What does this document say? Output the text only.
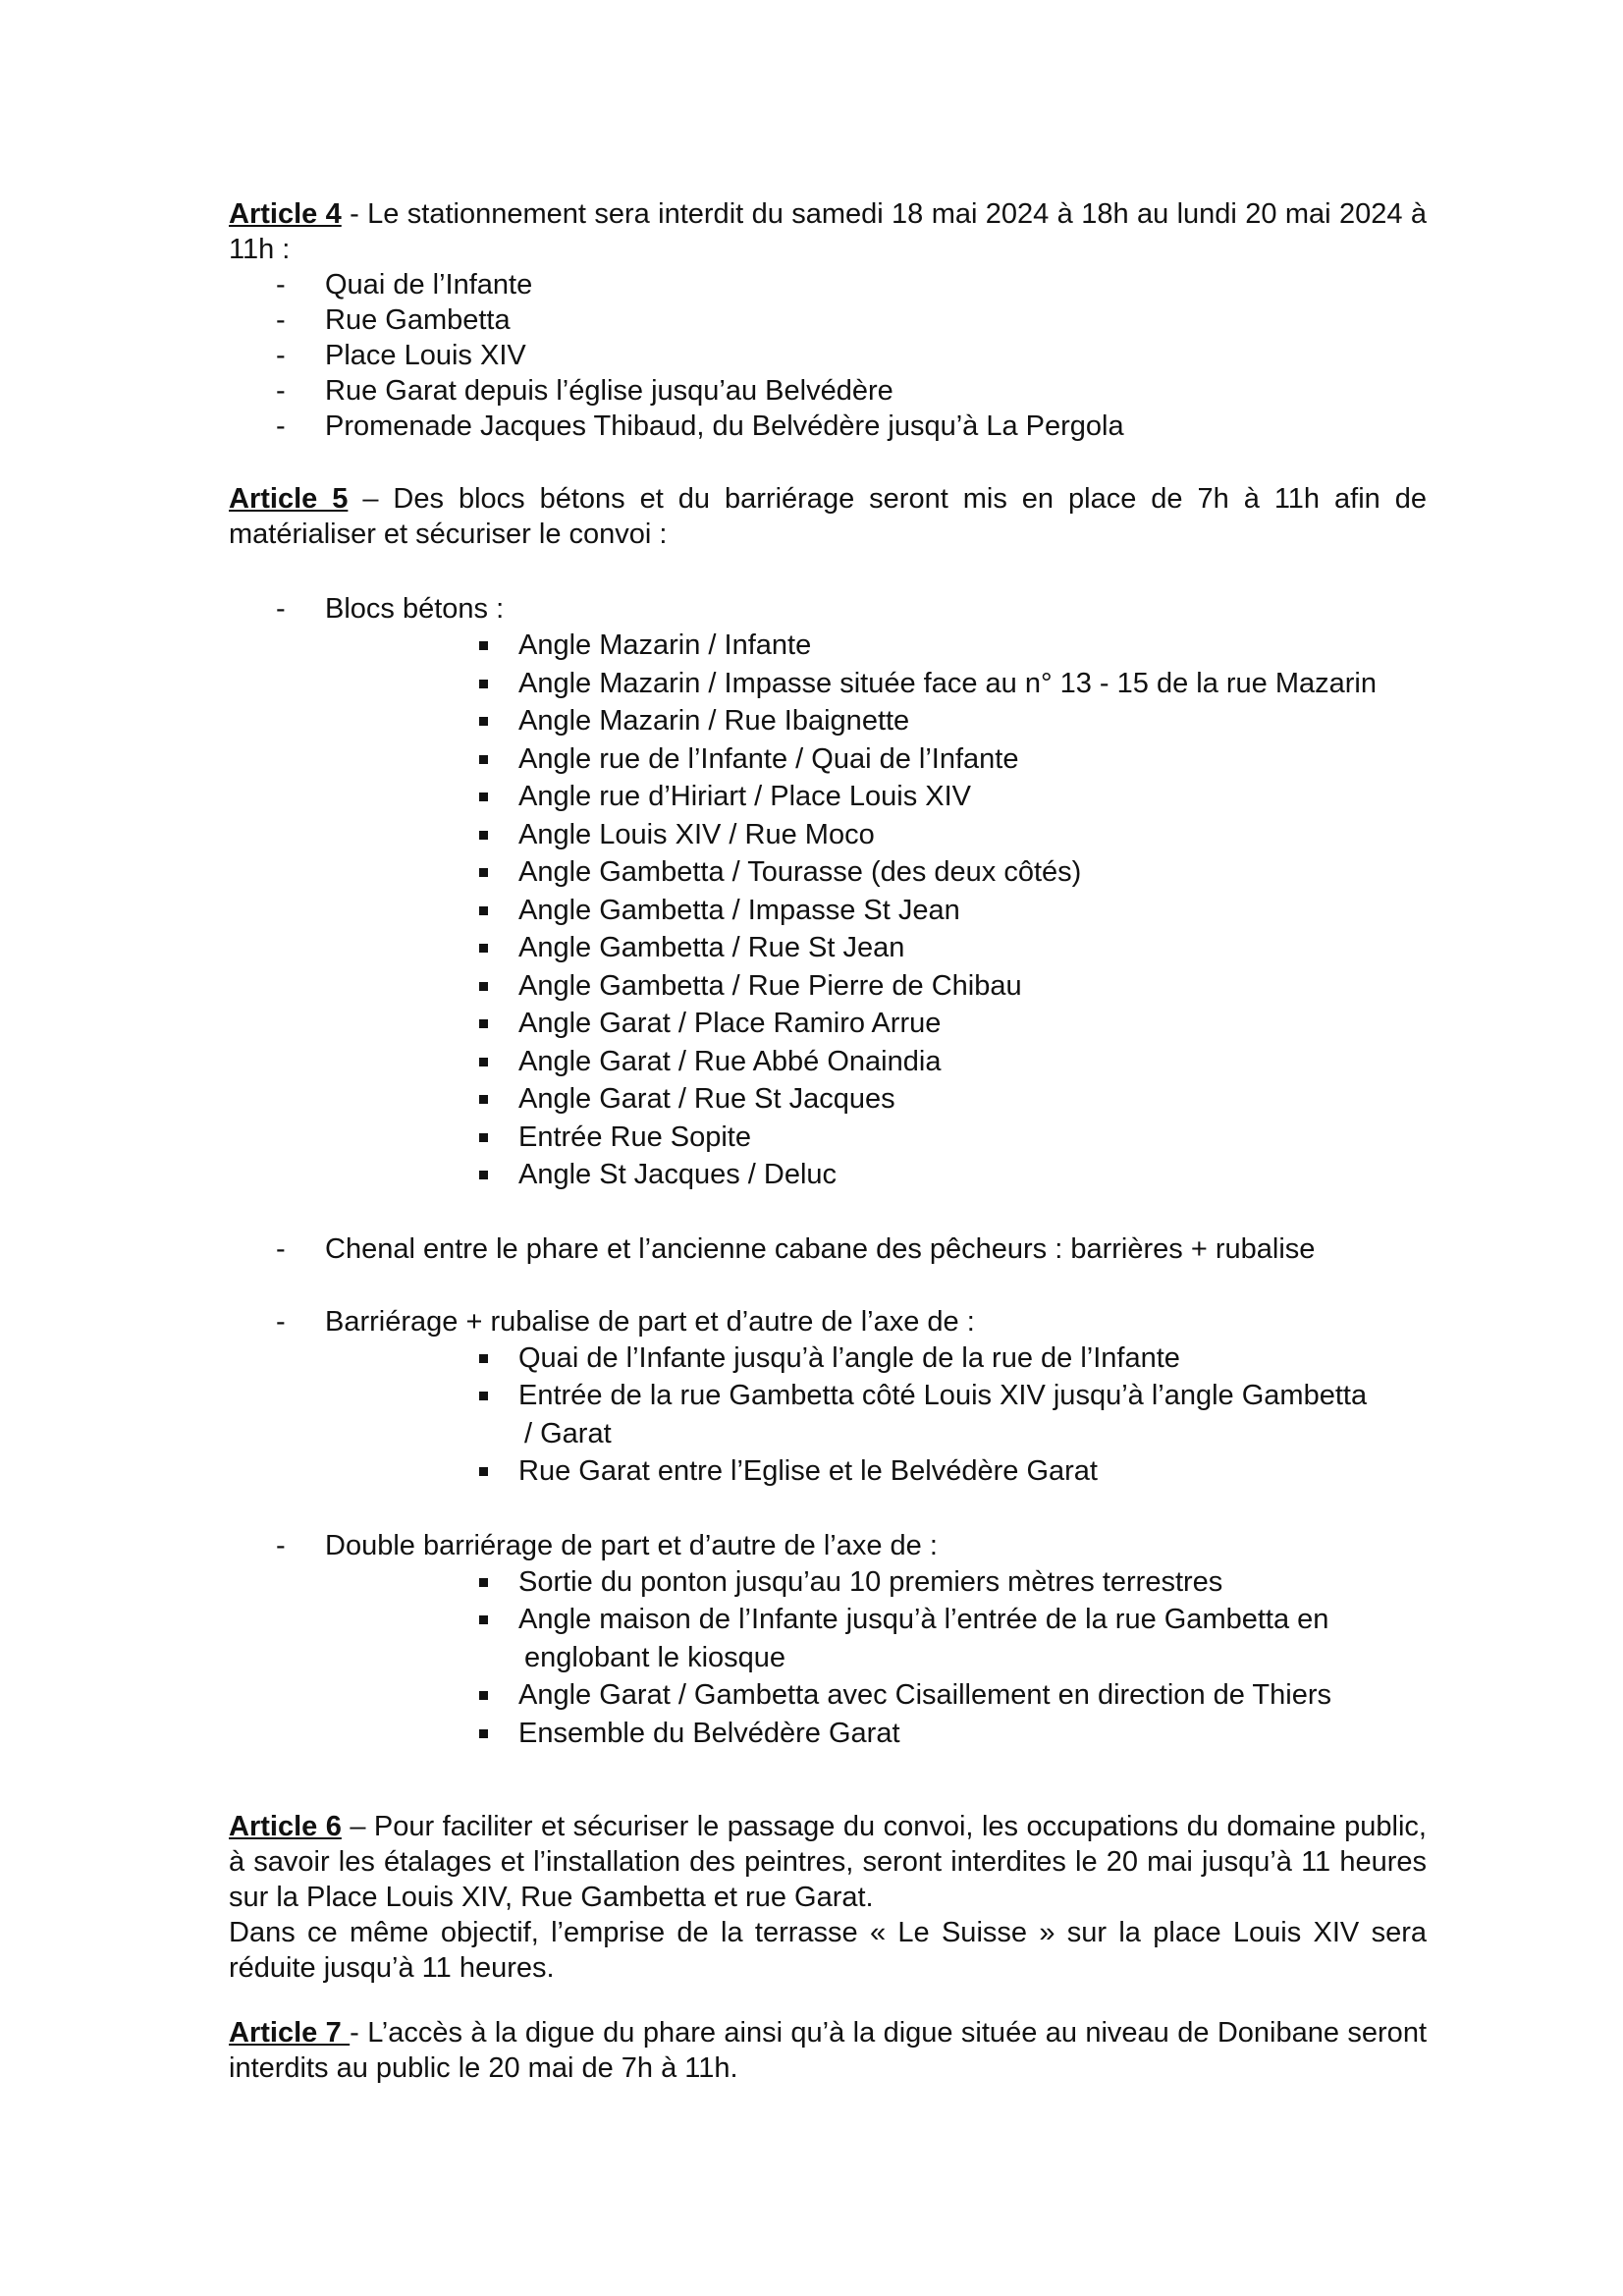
Article 4 - Le stationnement sera interdit du samedi 18 mai 2024 à 18h au lundi 20 mai 2024 à 11h :

- Quai de l’Infante
- Rue Gambetta
- Place Louis XIV
- Rue Garat depuis l’église jusqu’au Belvédère
- Promenade Jacques Thibaud, du Belvédère jusqu’à La Pergola

Article 5 – Des blocs bétons et du barriérage seront mis en place de 7h à 11h afin de matérialiser et sécuriser le convoi :

- Blocs bétons :
Angle Mazarin / Infante
Angle Mazarin / Impasse située face au n° 13 - 15 de la rue Mazarin
Angle Mazarin / Rue Ibaignette
Angle rue de l’Infante / Quai de l’Infante
Angle rue d’Hiriart / Place Louis XIV
Angle Louis XIV / Rue Moco
Angle Gambetta / Tourasse (des deux côtés)
Angle Gambetta / Impasse St Jean
Angle Gambetta / Rue St Jean
Angle Gambetta / Rue Pierre de Chibau
Angle Garat / Place Ramiro Arrue
Angle Garat / Rue Abbé Onaindia
Angle Garat / Rue St Jacques
Entrée Rue Sopite
Angle St Jacques / Deluc
- Chenal entre le phare et l’ancienne cabane des pêcheurs : barrières + rubalise
- Barriérage + rubalise de part et d’autre de l’axe de :
Quai de l’Infante jusqu’à l’angle de la rue de l’Infante
Entrée de la rue Gambetta côté Louis XIV jusqu’à l’angle Gambetta
/ Garat
Rue Garat entre l’Eglise et le Belvédère Garat
- Double barriérage de part et d’autre de l’axe de :
Sortie du ponton jusqu’au 10 premiers mètres terrestres
Angle maison de l’Infante jusqu’à l’entrée de la rue Gambetta en
englobant le kiosque
Angle Garat / Gambetta avec Cisaillement en direction de Thiers
Ensemble du Belvédère Garat

Article 6 – Pour faciliter et sécuriser le passage du convoi, les occupations du domaine public, à savoir les étalages et l’installation des peintres, seront interdites le 20 mai jusqu’à 11 heures sur la Place Louis XIV, Rue Gambetta et rue Garat.

Dans ce même objectif, l’emprise de la terrasse « Le Suisse » sur la place Louis XIV sera réduite jusqu’à 11 heures.

Article 7 - L’accès à la digue du phare ainsi qu’à la digue située au niveau de Donibane seront interdits au public le 20 mai de 7h à 11h.
